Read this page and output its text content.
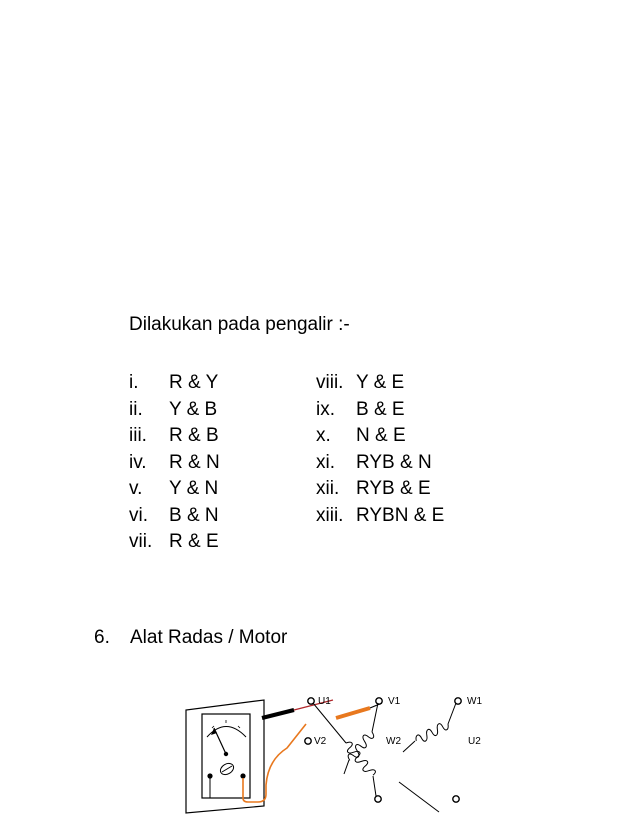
Dilakukan pada pengalir :-
i.	R & Y
ii.	Y & B
iii.	R & B
iv.	R & N
v.	Y & N
vi.	B & N
vii. R & E
viii. Y & E
ix.	B & E
x.	N & E
xi.	RYB & N
xii. RYB & E
xiii. RYBN & E
6. Alat Radas / Motor
U1	V1	W1
V2	W2	U2
